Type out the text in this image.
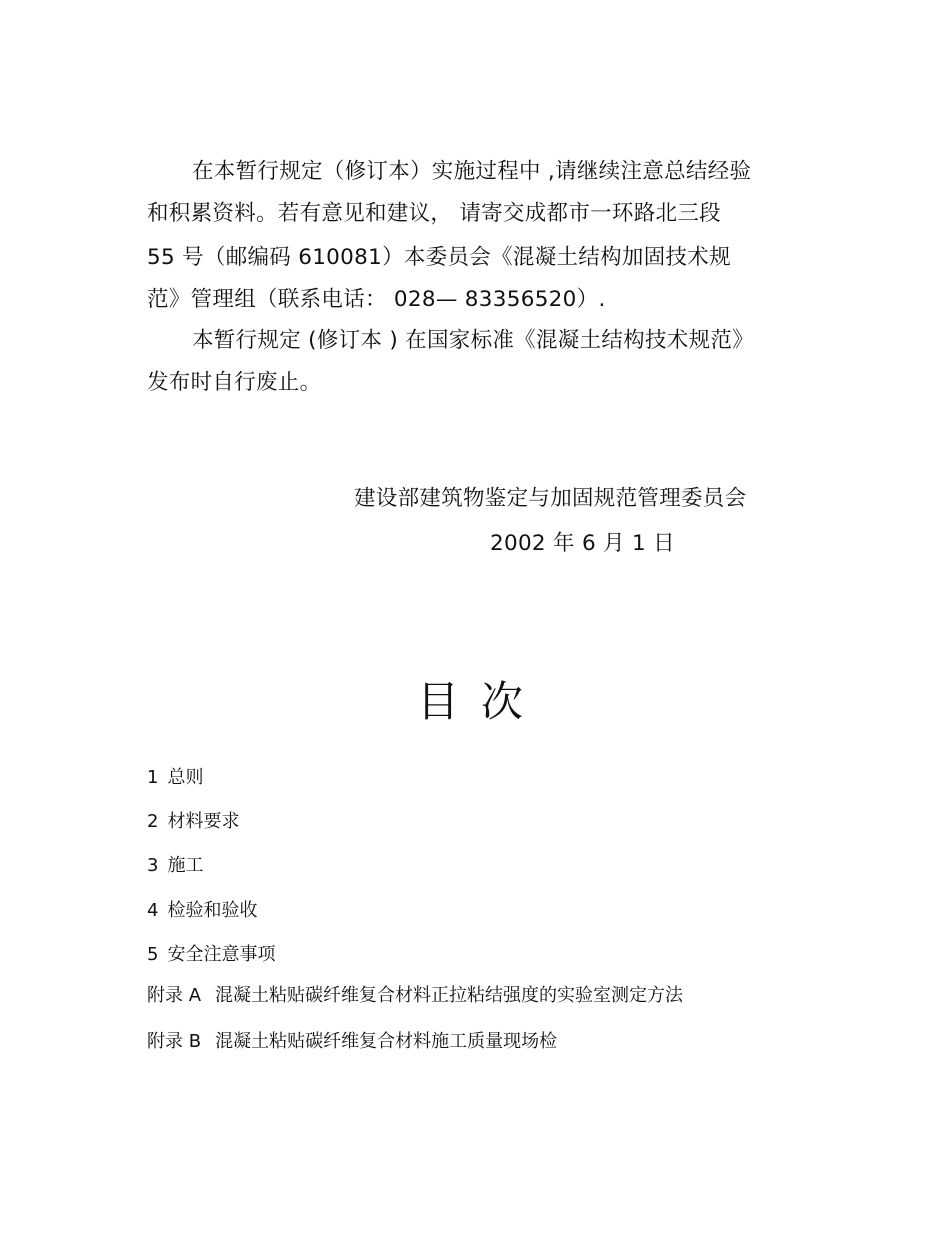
在本暂行规定（修订本）实施过程中 ,请继续注意总结经验
和积累资料。若有意见和建议， 请寄交成都市一环路北三段
55 号（邮编码 610081）本委员会《混凝土结构加固技术规
范》管理组（联系电话： 028— 83356520）.
本暂行规定 (修订本 ) 在国家标准《混凝土结构技术规范》
发布时自行废止。
建设部建筑物鉴定与加固规范管理委员会
2002 年 6 月 1 日
目次
1 总则
2 材料要求
3 施工
4 检验和验收
5 安全注意事项
附录 A 混凝土粘贴碳纤维复合材料正拉粘结强度的实验室测定方法
附录 B 混凝土粘贴碳纤维复合材料施工质量现场检
